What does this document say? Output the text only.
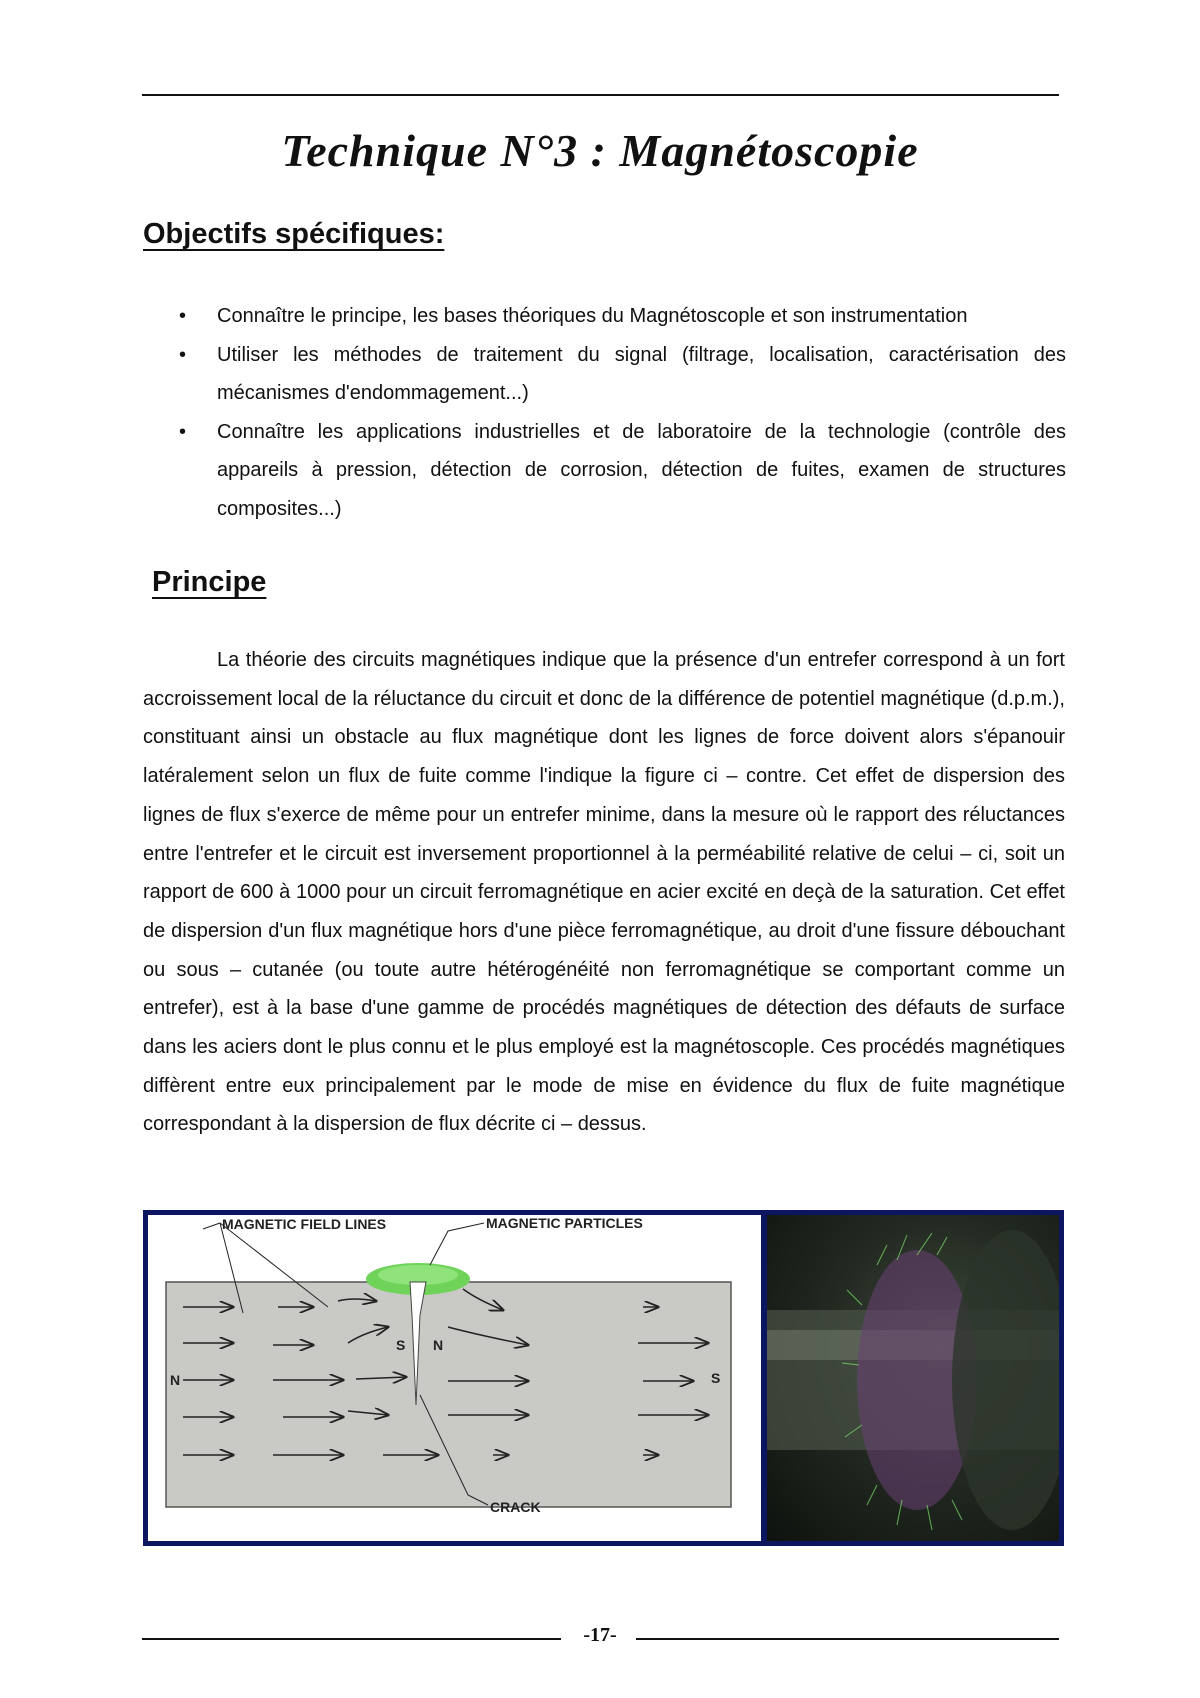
Technique N°3 : Magnétoscopie
Objectifs spécifiques:
• Connaître le principe, les bases théoriques du Magnétoscople et son instrumentation
• Utiliser les méthodes de traitement du signal (filtrage, localisation, caractérisation des mécanismes d'endommagement...)
• Connaître les applications industrielles et de laboratoire de la technologie (contrôle des appareils à pression, détection de corrosion, détection de fuites, examen de structures composites...)
Principe

La théorie des circuits magnétiques indique que la présence d'un entrefer correspond à un fort accroissement local de la réluctance du circuit et donc de la différence de potentiel magnétique (d.p.m.), constituant ainsi un obstacle au flux magnétique dont les lignes de force doivent alors s'épanouir latéralement selon un flux de fuite comme l'indique la figure ci – contre. Cet effet de dispersion des lignes de flux s'exerce de même pour un entrefer minime, dans la mesure où le rapport des réluctances entre l'entrefer et le circuit est inversement proportionnel à la perméabilité relative de celui – ci, soit un rapport de 600 à 1000 pour un circuit ferromagnétique en acier excité en deçà de la saturation. Cet effet de dispersion d'un flux magnétique hors d'une pièce ferromagnétique, au droit d'une fissure débouchant ou sous – cutanée (ou toute autre hétérogénéité non ferromagnétique se comportant comme un entrefer), est à la base d'une gamme de procédés magnétiques de détection des défauts de surface dans les aciers dont le plus connu et le plus employé est la magnétoscople. Ces procédés magnétiques diffèrent entre eux principalement par le mode de mise en évidence du flux de fuite magnétique correspondant à la dispersion de flux décrite ci – dessus.

MAGNETIC FIELD LINES	MAGNETIC PARTICLES
CRACK
N	S
S N
-17-
